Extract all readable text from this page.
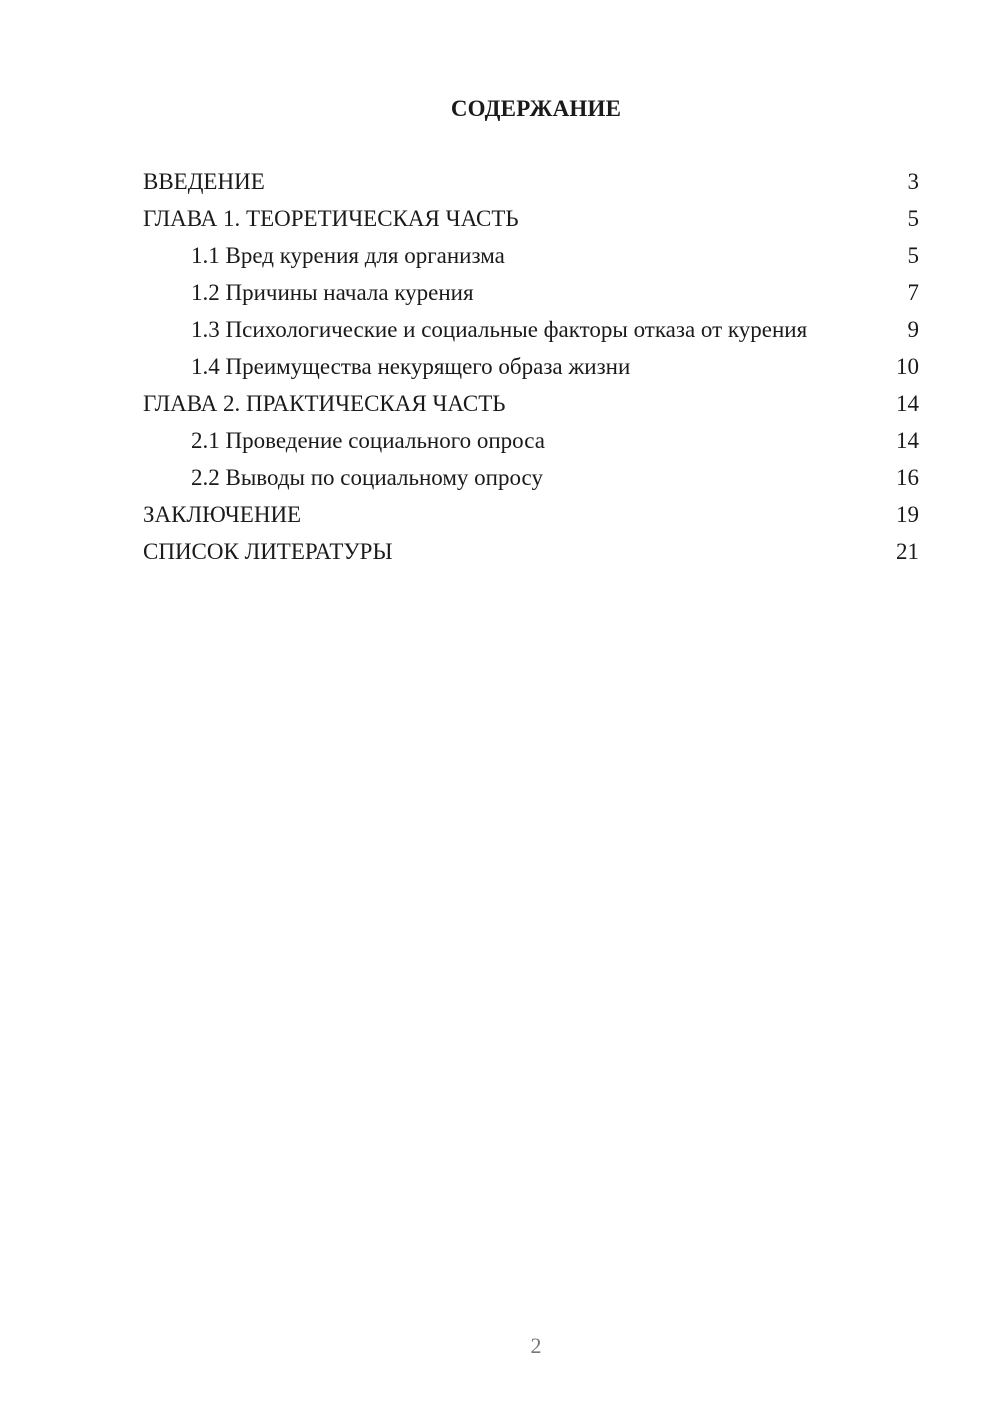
СОДЕРЖАНИЕ
ВВЕДЕНИЕ	3
ГЛАВА 1. ТЕОРЕТИЧЕСКАЯ ЧАСТЬ	5
1.1 Вред курения для организма	5
1.2 Причины начала курения	7
1.3 Психологические и социальные факторы отказа от курения	9
1.4 Преимущества некурящего образа жизни	10
ГЛАВА 2. ПРАКТИЧЕСКАЯ ЧАСТЬ	14
2.1 Проведение социального опроса	14
2.2 Выводы по социальному опросу	16
ЗАКЛЮЧЕНИЕ	19
СПИСОК ЛИТЕРАТУРЫ	21
2
